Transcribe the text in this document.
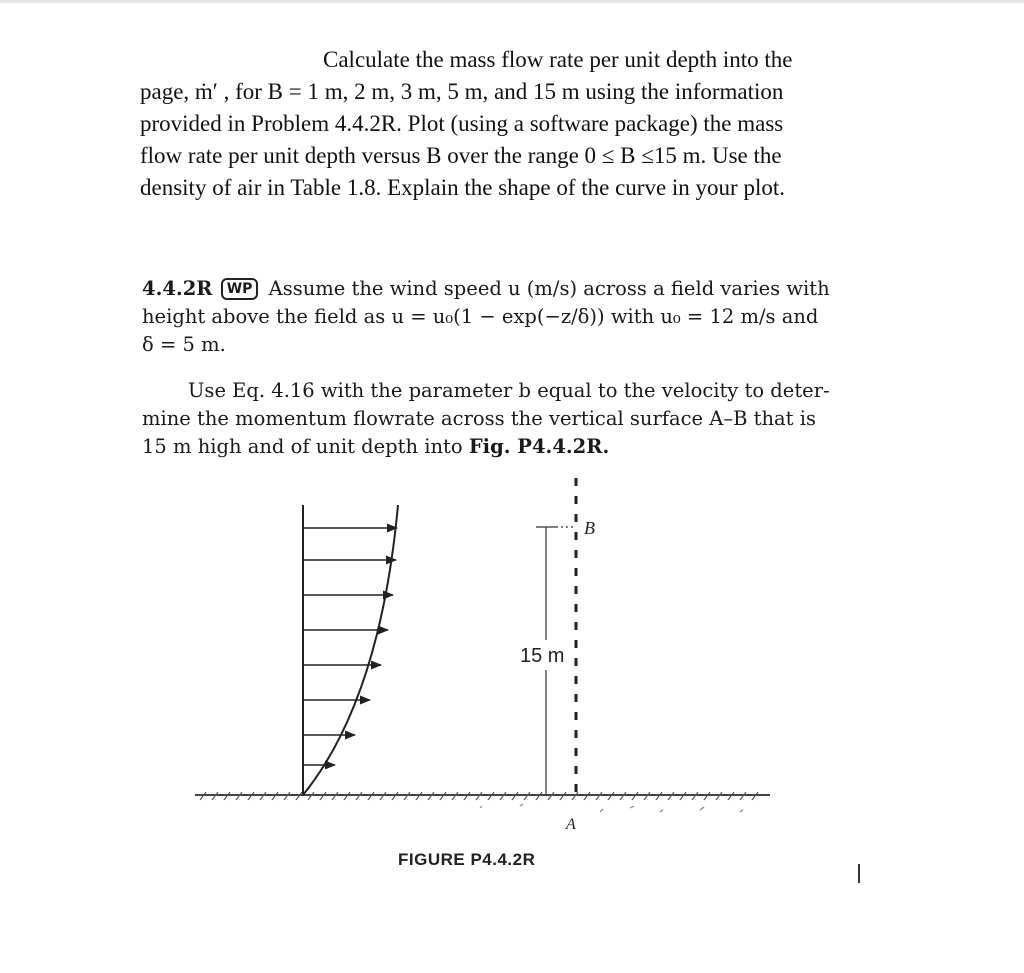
Calculate the mass flow rate per unit depth into the
page, ṁ′ , for B = 1 m, 2 m, 3 m, 5 m, and 15 m using the information
provided in Problem 4.4.2R. Plot (using a software package) the mass
flow rate per unit depth versus B over the range 0 ≤ B ≤15 m. Use the
density of air in Table 1.8. Explain the shape of the curve in your plot.
4.4.2R WP Assume the wind speed u (m/s) across a field varies with
height above the field as u = u₀(1 − exp(−z/δ)) with u₀ = 12 m/s and
δ = 5 m.
Use Eq. 4.16 with the parameter b equal to the velocity to deter-
mine the momentum flowrate across the vertical surface A–B that is
15 m high and of unit depth into Fig. P4.4.2R.
15 m
B
A
FIGURE P4.4.2R
